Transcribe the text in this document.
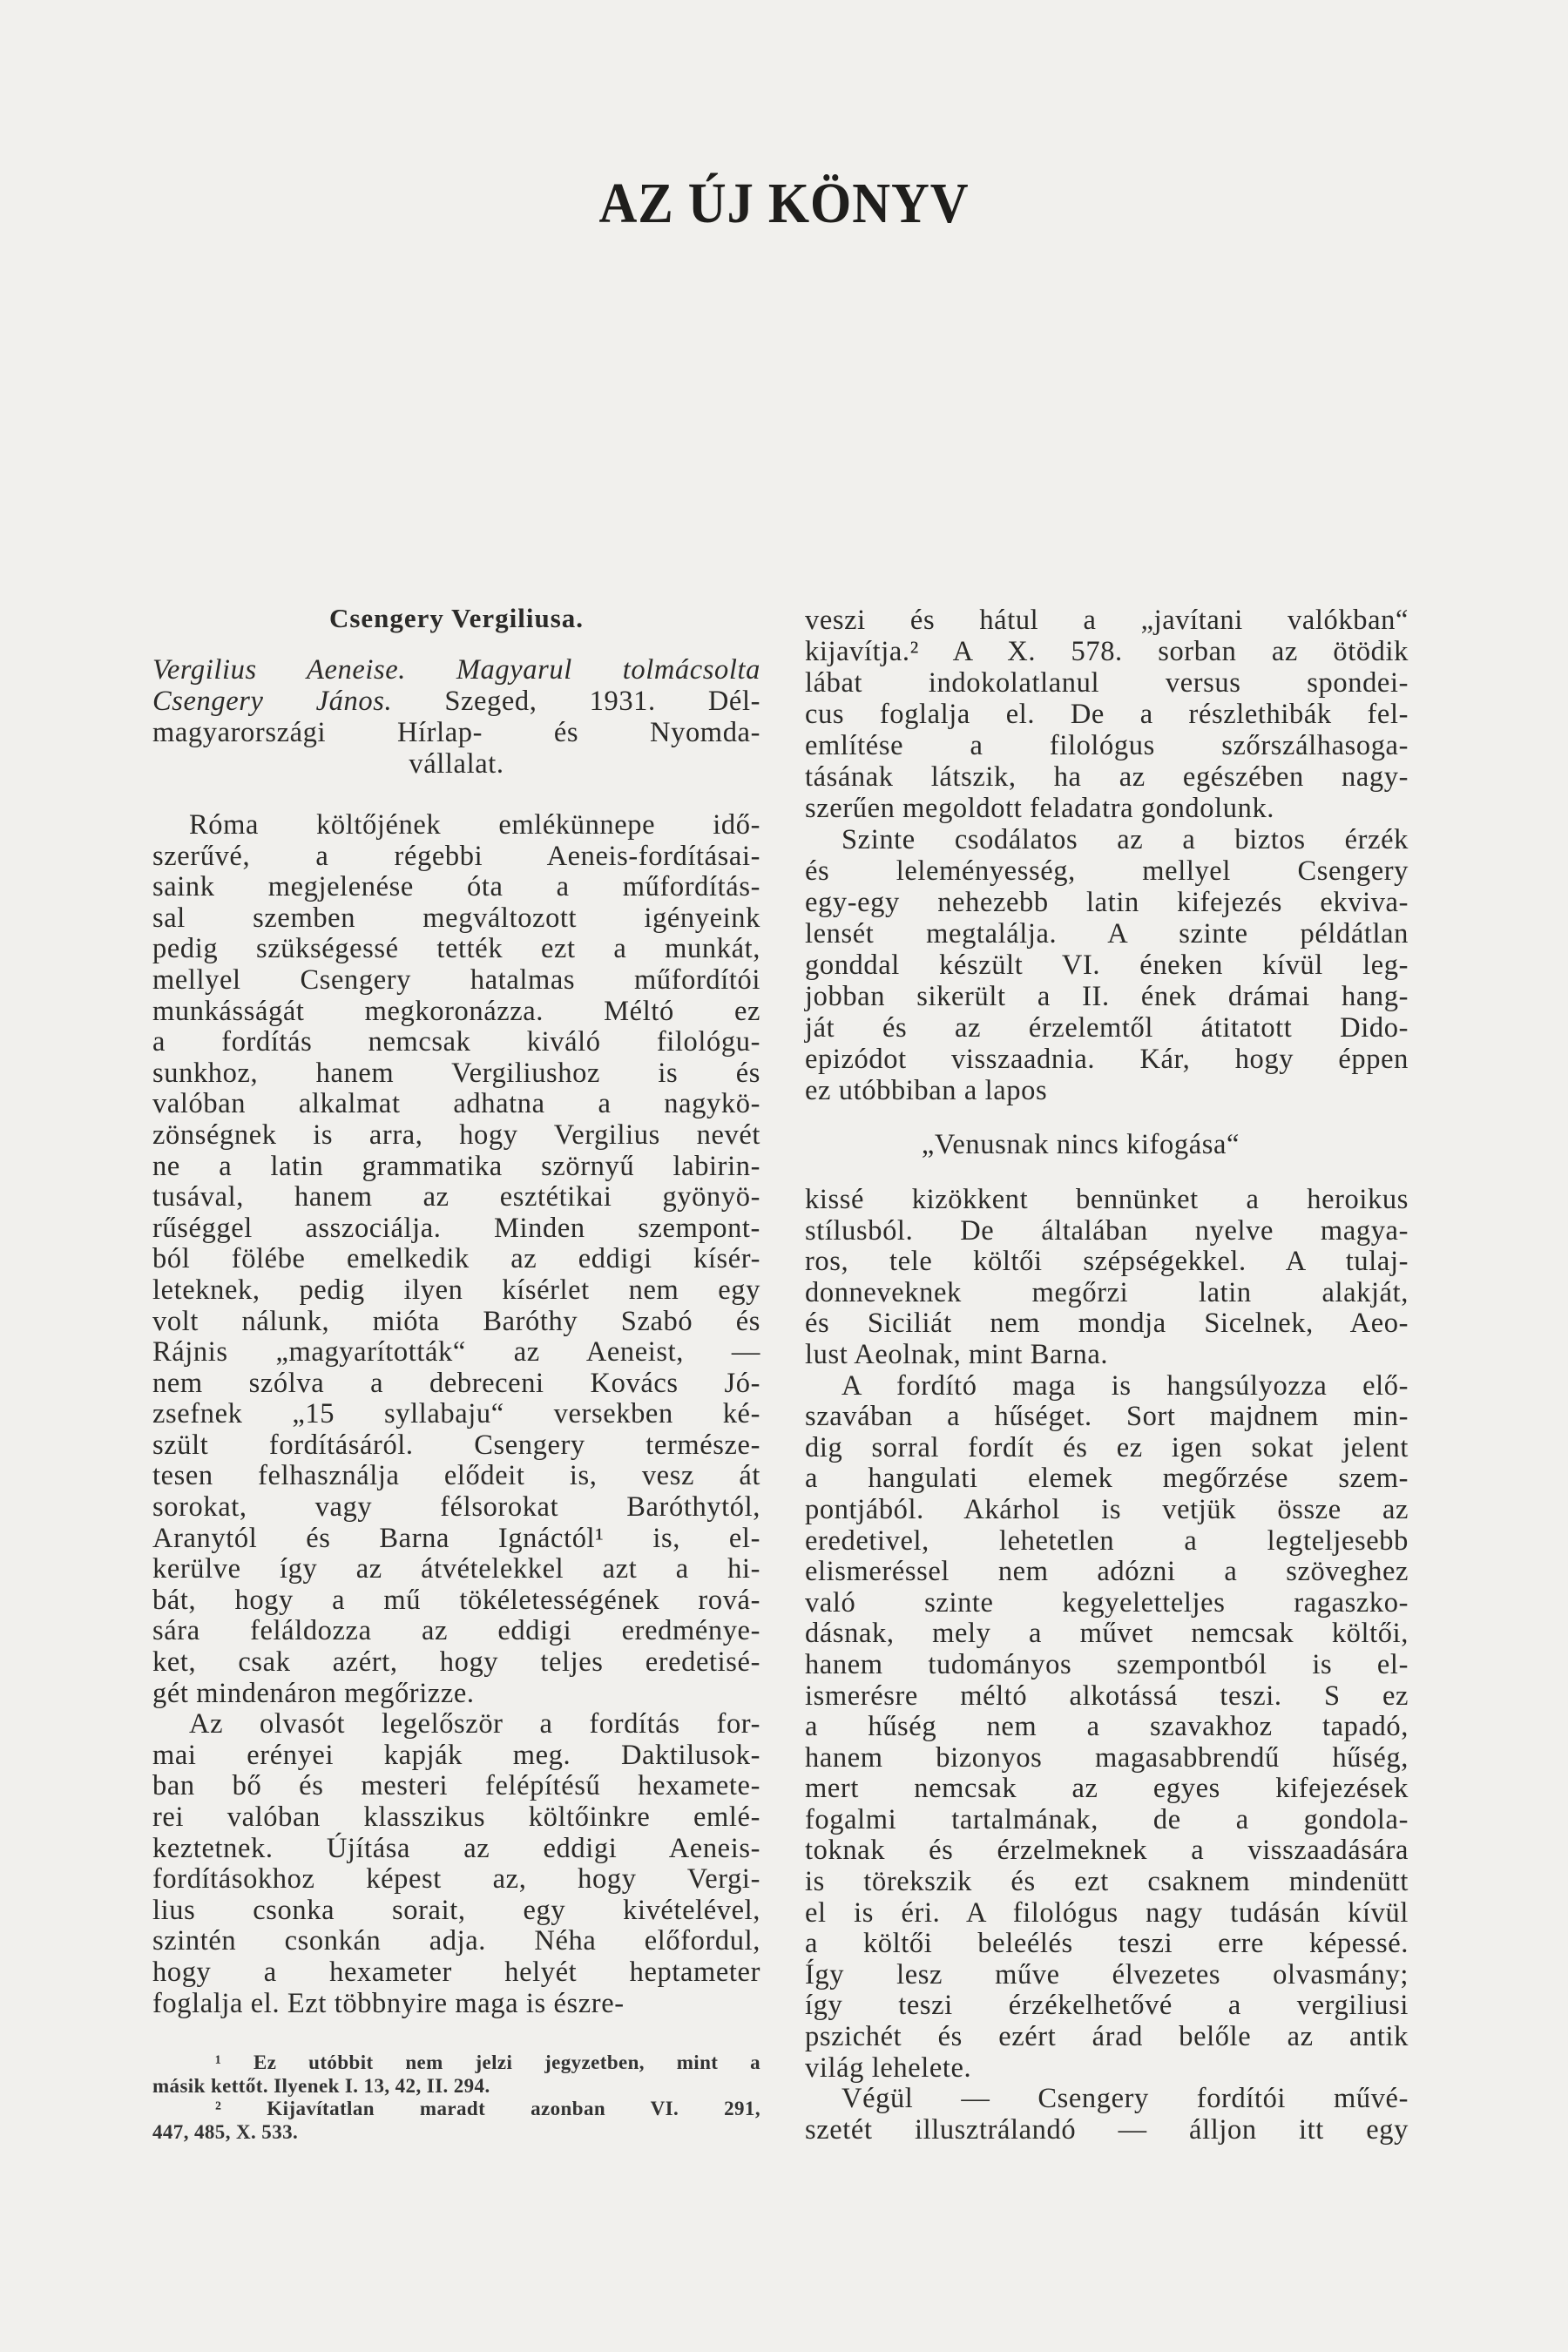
AZ ÚJ KÖNYV
Csengery Vergiliusa.
Vergilius Aeneise. Magyarul tolmácsolta
Csengery János. Szeged, 1931. Dél-
magyarországi Hírlap- és Nyomda-
vállalat.
Róma költőjének emlékünnepe idő-
szerűvé, a régebbi Aeneis-fordításai-
saink megjelenése óta a műfordítás-
sal szemben megváltozott igényeink
pedig szükségessé tették ezt a munkát,
mellyel Csengery hatalmas műfordítói
munkásságát megkoronázza. Méltó ez
a fordítás nemcsak kiváló filológu-
sunkhoz, hanem Vergiliushoz is és
valóban alkalmat adhatna a nagykö-
zönségnek is arra, hogy Vergilius nevét
ne a latin grammatika szörnyű labirin-
tusával, hanem az esztétikai gyönyö-
rűséggel asszociálja. Minden szempont-
ból fölébe emelkedik az eddigi kísér-
leteknek, pedig ilyen kísérlet nem egy
volt nálunk, mióta Baróthy Szabó és
Rájnis „magyarították“ az Aeneist, —
nem szólva a debreceni Kovács Jó-
zsefnek „15 syllabaju“ versekben ké-
szült fordításáról. Csengery természe-
tesen felhasználja elődeit is, vesz át
sorokat, vagy félsorokat Baróthytól,
Aranytól és Barna Ignáctól¹ is, el-
kerülve így az átvételekkel azt a hi-
bát, hogy a mű tökéletességének rová-
sára feláldozza az eddigi eredménye-
ket, csak azért, hogy teljes eredetisé-
gét mindenáron megőrizze.
Az olvasót legelőször a fordítás for-
mai erényei kapják meg. Daktilusok-
ban bő és mesteri felépítésű hexamete-
rei valóban klasszikus költőinkre emlé-
keztetnek. Újítása az eddigi Aeneis-
fordításokhoz képest az, hogy Vergi-
lius csonka sorait, egy kivételével,
szintén csonkán adja. Néha előfordul,
hogy a hexameter helyét heptameter
foglalja el. Ezt többnyire maga is észre-
¹ Ez utóbbit nem jelzi jegyzetben, mint a
másik kettőt. Ilyenek I. 13, 42, II. 294.
² Kijavítatlan maradt azonban VI. 291,
447, 485, X. 533.
veszi és hátul a „javítani valókban“
kijavítja.² A X. 578. sorban az ötödik
lábat indokolatlanul versus spondei-
cus foglalja el. De a részlethibák fel-
említése a filológus szőrszálhasoga-
tásának látszik, ha az egészében nagy-
szerűen megoldott feladatra gondolunk.
Szinte csodálatos az a biztos érzék
és leleményesség, mellyel Csengery
egy-egy nehezebb latin kifejezés ekviva-
lensét megtalálja. A szinte példátlan
gonddal készült VI. éneken kívül leg-
jobban sikerült a II. ének drámai hang-
ját és az érzelemtől átitatott Dido-
epizódot visszaadnia. Kár, hogy éppen
ez utóbbiban a lapos
„Venusnak nincs kifogása“
kissé kizökkent bennünket a heroikus
stílusból. De általában nyelve magya-
ros, tele költői szépségekkel. A tulaj-
donneveknek megőrzi latin alakját,
és Siciliát nem mondja Sicelnek, Aeo-
lust Aeolnak, mint Barna.
A fordító maga is hangsúlyozza elő-
szavában a hűséget. Sort majdnem min-
dig sorral fordít és ez igen sokat jelent
a hangulati elemek megőrzése szem-
pontjából. Akárhol is vetjük össze az
eredetivel, lehetetlen a legteljesebb
elismeréssel nem adózni a szöveghez
való szinte kegyeletteljes ragaszko-
dásnak, mely a művet nemcsak költői,
hanem tudományos szempontból is el-
ismerésre méltó alkotássá teszi. S ez
a hűség nem a szavakhoz tapadó,
hanem bizonyos magasabbrendű hűség,
mert nemcsak az egyes kifejezések
fogalmi tartalmának, de a gondola-
toknak és érzelmeknek a visszaadására
is törekszik és ezt csaknem mindenütt
el is éri. A filológus nagy tudásán kívül
a költői beleélés teszi erre képessé.
Így lesz műve élvezetes olvasmány;
így teszi érzékelhetővé a vergiliusi
pszichét és ezért árad belőle az antik
világ lehelete.
Végül — Csengery fordítói művé-
szetét illusztrálandó — álljon itt egy
